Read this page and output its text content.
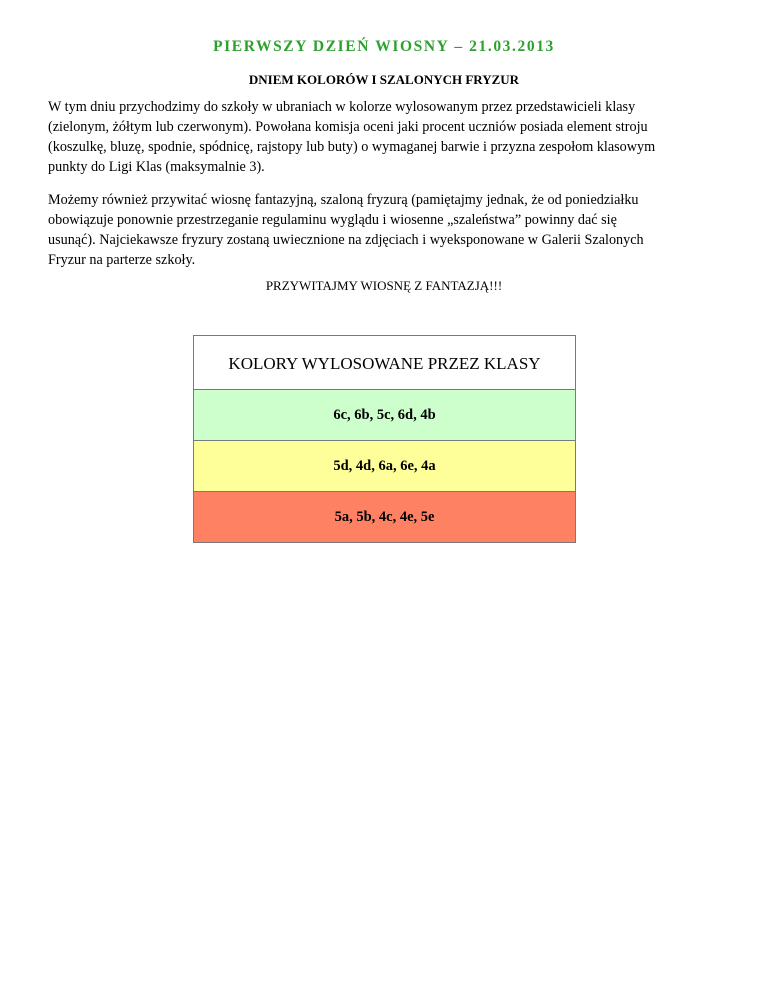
PIERWSZY DZIEŃ WIOSNY – 21.03.2013
DNIEM KOLORÓW I SZALONYCH FRYZUR

W tym dniu przychodzimy do szkoły w ubraniach w kolorze wylosowanym przez przedstawicieli klasy
(zielonym, żółtym lub czerwonym). Powołana komisja oceni jaki procent uczniów posiada element stroju
(koszulkę, bluzę, spodnie, spódnicę, rajstopy lub buty) o wymaganej barwie i przyzna zespołom klasowym
punkty do Ligi Klas (maksymalnie 3).

Możemy również przywitać wiosnę fantazyjną, szaloną fryzurą (pamiętajmy jednak, że od poniedziałku
obowiązuje ponownie przestrzeganie regulaminu wyglądu i wiosenne „szaleństwa” powinny dać się
usunąć). Najciekawsze fryzury zostaną uwiecznione na zdjęciach i wyeksponowane w Galerii Szalonych
Fryzur na parterze szkoły.

PRZYWITAJMY WIOSNĘ Z FANTAZJĄ!!!
KOLORY WYLOSOWANE PRZEZ KLASY
6c, 6b, 5c, 6d, 4b
5d, 4d, 6a, 6e, 4a
5a, 5b, 4c, 4e, 5e
